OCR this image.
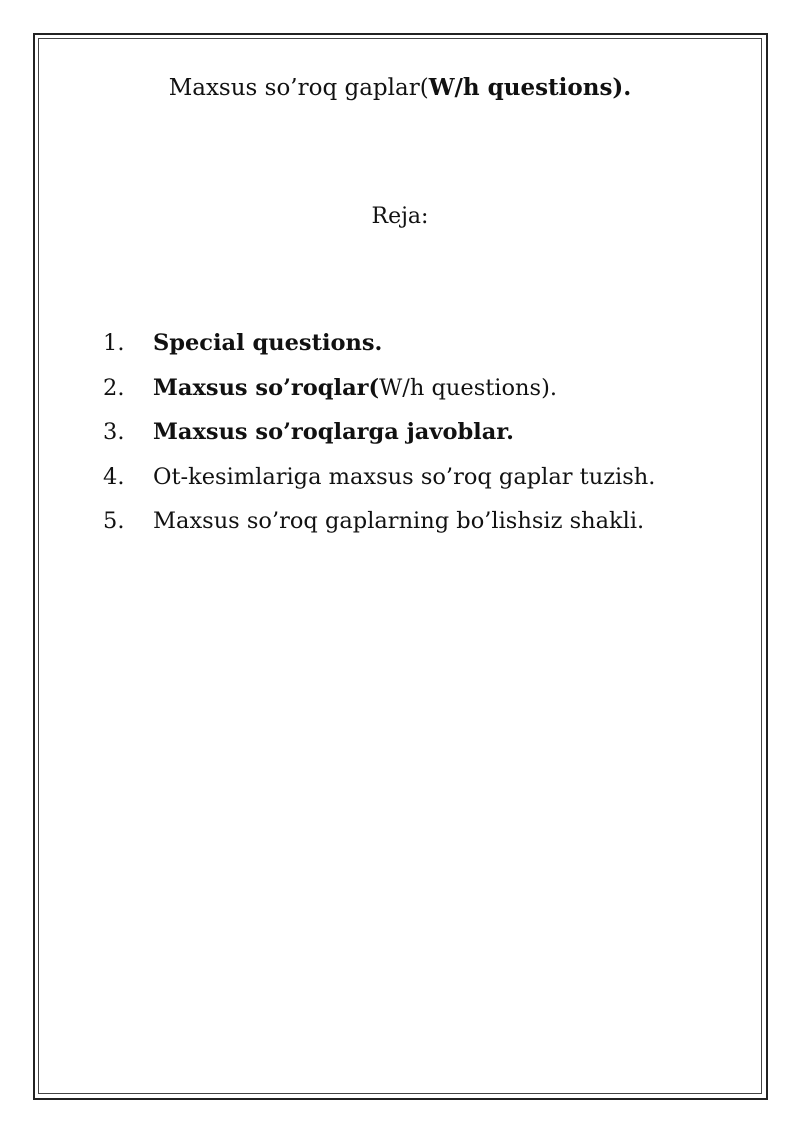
Maxsus so’roq gaplar(W/h questions).
Reja:
1.	Special questions.
2.	Maxsus so’roqlar( W/h questions).
3.	Maxsus so’roqlarga javoblar.
4.	Ot-kesimlariga maxsus so’roq gaplar tuzish.
5.	Maxsus so’roq gaplarning bo’lishsiz shakli.
